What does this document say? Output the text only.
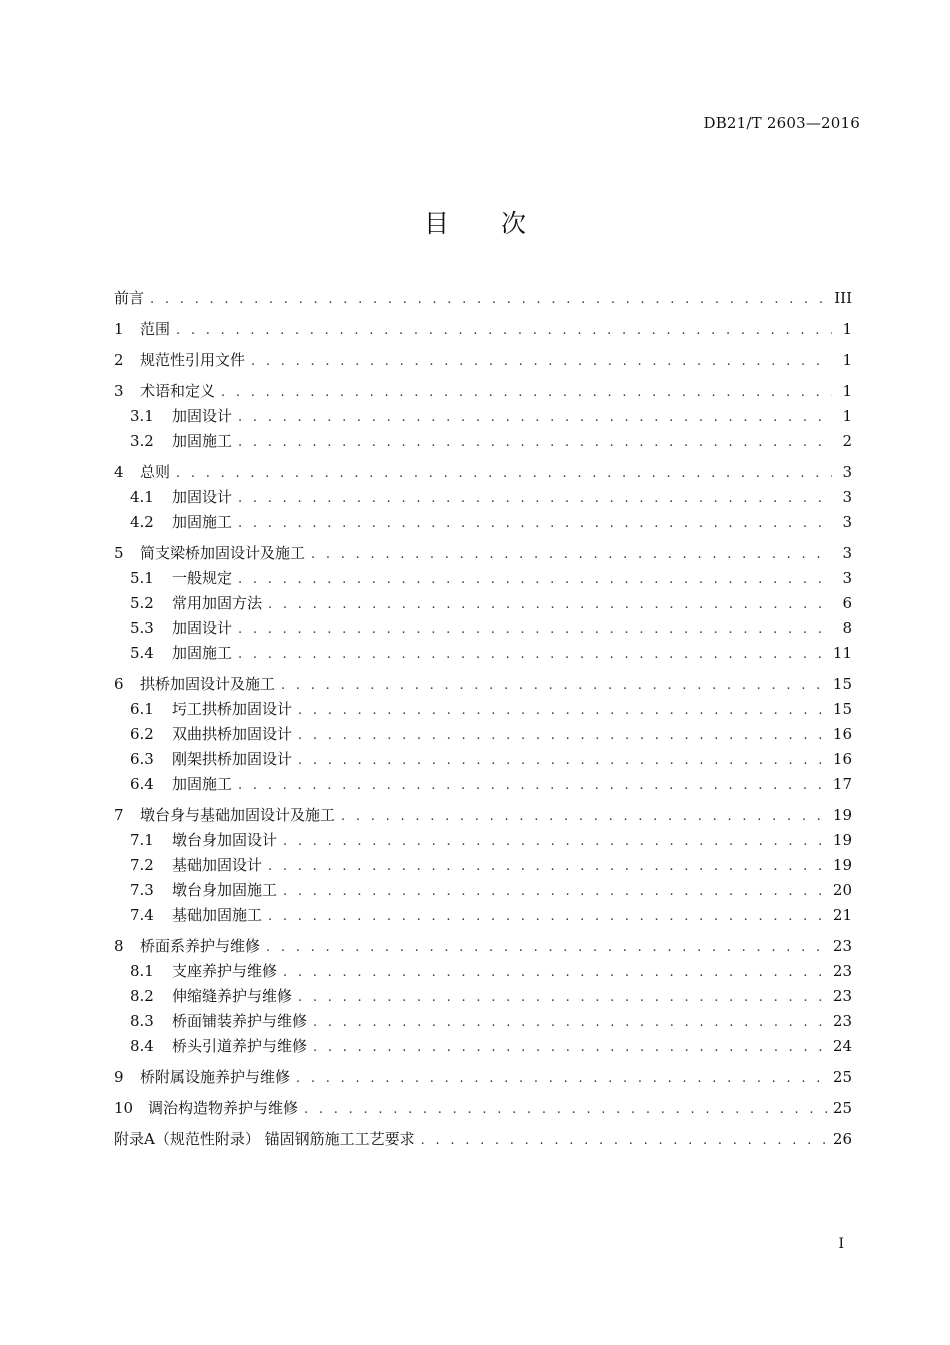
DB21/T 2603—2016
目 次
前言 . . .	III
1	范围 . . .	1
2	规范性引用文件 . . .	1
3	术语和定义 . . .	1
3.1	加固设计 . . .	1
3.2	加固施工 . . .	2
4	总则 . . .	3
4.1	加固设计 . . .	3
4.2	加固施工 . . .	3
5	简支梁桥加固设计及施工 . . .	3
5.1	一般规定 . . .	3
5.2	常用加固方法 . . .	6
5.3	加固设计 . . .	8
5.4	加固施工 . . .	11
6	拱桥加固设计及施工 . . .	15
6.1	圬工拱桥加固设计 . . .	15
6.2	双曲拱桥加固设计 . . .	16
6.3	刚架拱桥加固设计 . . .	16
6.4	加固施工 . . .	17
7	墩台身与基础加固设计及施工 . . .	19
7.1	墩台身加固设计 . . .	19
7.2	基础加固设计 . . .	19
7.3	墩台身加固施工 . . .	20
7.4	基础加固施工 . . .	21
8	桥面系养护与维修 . . .	23
8.1	支座养护与维修 . . .	23
8.2	伸缩缝养护与维修 . . .	23
8.3	桥面铺装养护与维修 . . .	23
8.4	桥头引道养护与维修 . . .	24
9	桥附属设施养护与维修 . . .	25
10 调治构造物养护与维修 . . .	25
附录A（规范性附录） 锚固钢筋施工工艺要求 . . .	26
I
